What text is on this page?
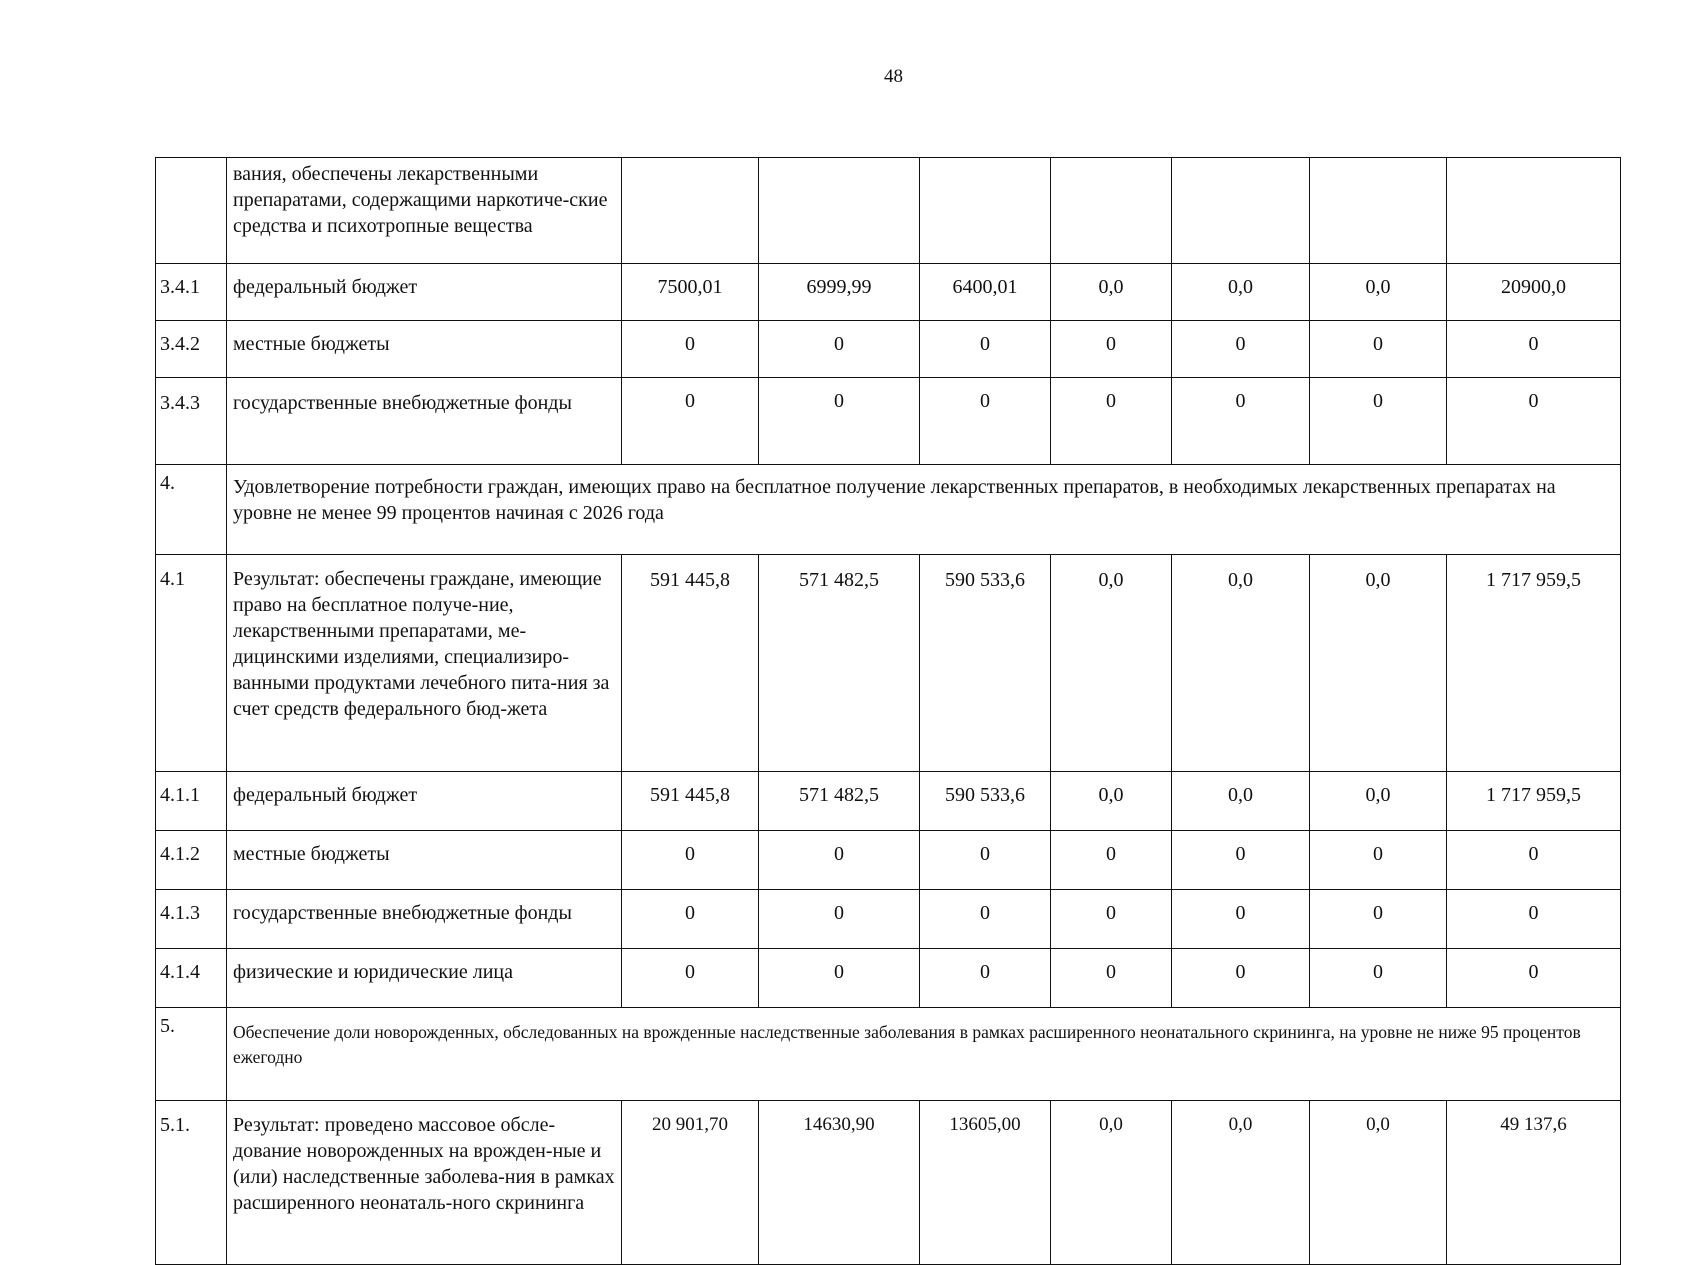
48
	вания, обеспечены лекарственными препаратами, содержащими наркотиче-ские средства и психотропные вещества							
3.4.1	федеральный бюджет	7500,01	6999,99	6400,01	0,0	0,0	0,0	20900,0
3.4.2	местные бюджеты	0	0	0	0	0	0	0
3.4.3	государственные внебюджетные фонды	0	0	0	0	0	0	0
4.	Удовлетворение потребности граждан, имеющих право на бесплатное получение лекарственных препаратов, в необходимых лекарственных препаратах на уровне не менее 99 процентов начиная с 2026 года							
4.1	Результат: обеспечены граждане, имеющие право на бесплатное получе-ние, лекарственными препаратами, ме-дицинскими изделиями, специализиро-ванными продуктами лечебного пита-ния за счет средств федерального бюд-жета	591 445,8	571 482,5	590 533,6	0,0	0,0	0,0	1 717 959,5
4.1.1	федеральный бюджет	591 445,8	571 482,5	590 533,6	0,0	0,0	0,0	1 717 959,5
4.1.2	местные бюджеты	0	0	0	0	0	0	0
4.1.3	государственные внебюджетные фонды	0	0	0	0	0	0	0
4.1.4	физические и юридические лица	0	0	0	0	0	0	0
5.	Обеспечение доли новорожденных, обследованных на врожденные наследственные заболевания в рамках расширенного неонатального скрининга, на уровне не ниже 95 процентов ежегодно							
5.1.	Результат: проведено массовое обсле-дование новорожденных на врожден-ные и (или) наследственные заболева-ния в рамках расширенного неонаталь-ного скрининга	20 901,70	14630,90	13605,00	0,0	0,0	0,0	49 137,6
